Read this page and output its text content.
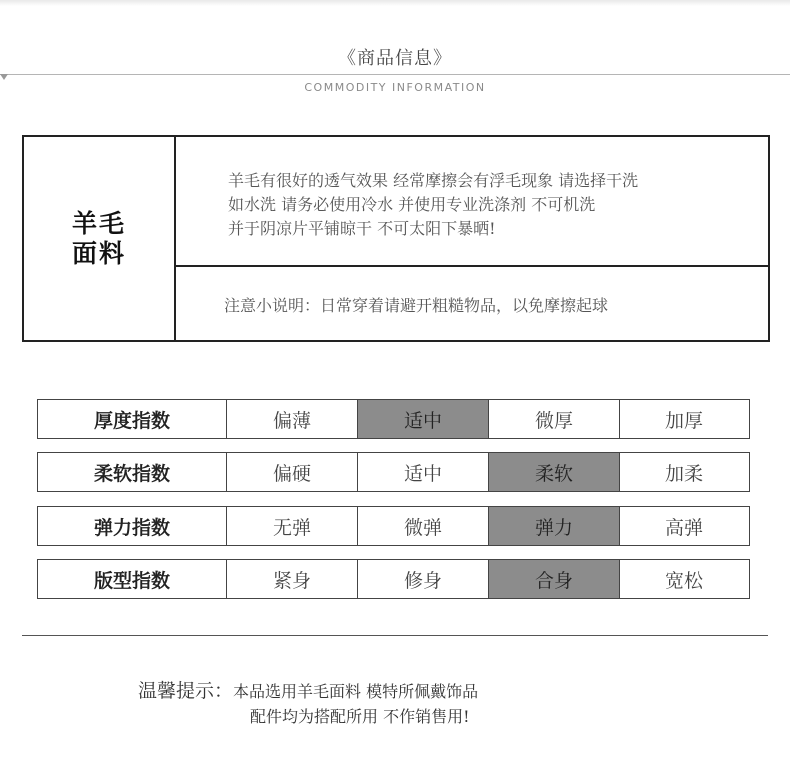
《商品信息》
COMMODITY INFORMATION
羊毛面料
羊毛有很好的透气效果 经常摩擦会有浮毛现象 请选择干洗
如水洗 请务必使用冷水 并使用专业洗涤剂 不可机洗
并于阴凉片平铺晾干 不可太阳下暴晒!
注意小说明：日常穿着请避开粗糙物品，以免摩擦起球
厚度指数	偏薄	适中	微厚	加厚
柔软指数	偏硬	适中	柔软	加柔
弹力指数	无弹	微弹	弹力	高弹
版型指数	紧身	修身	合身	宽松
温馨提示：本品选用羊毛面料 模特所佩戴饰品
配件均为搭配所用 不作销售用!
